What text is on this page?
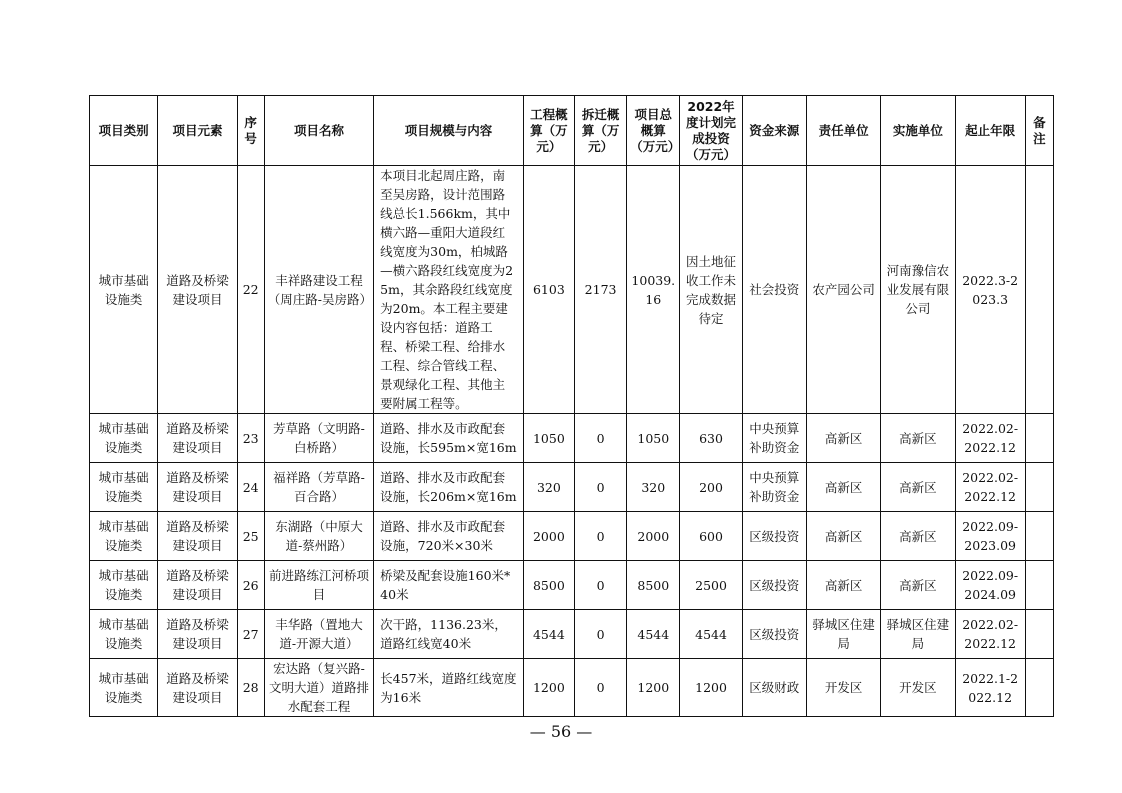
项目类别	项目元素	序号	项目名称	项目规模与内容	工程概算（万元）	拆迁概算（万元）	项目总概算（万元）	2022年度计划完成投资（万元）	资金来源	责任单位	实施单位	起止年限	备注
城市基础设施类	道路及桥梁建设项目	22	丰祥路建设工程（周庄路-吴房路）	本项目北起周庄路，南至吴房路，设计范围路线总长1.566km，其中横六路—重阳大道段红线宽度为30m，柏城路—横六路段红线宽度为25m，其余路段红线宽度为20m。本工程主要建设内容包括：道路工程、桥梁工程、给排水工程、综合管线工程、景观绿化工程、其他主要附属工程等。	6103	2173	10039.16	因土地征收工作未完成数据待定	社会投资	农产园公司	河南豫信农业发展有限公司	2022.3-2023.3	
城市基础设施类	道路及桥梁建设项目	23	芳草路（文明路-白桥路）	道路、排水及市政配套设施，长595m×宽16m	1050	0	1050	630	中央预算补助资金	高新区	高新区	2022.02-2022.12	
城市基础设施类	道路及桥梁建设项目	24	福祥路（芳草路-百合路）	道路、排水及市政配套设施，长206m×宽16m	320	0	320	200	中央预算补助资金	高新区	高新区	2022.02-2022.12	
城市基础设施类	道路及桥梁建设项目	25	东湖路（中原大道-蔡州路）	道路、排水及市政配套设施，720米×30米	2000	0	2000	600	区级投资	高新区	高新区	2022.09-2023.09	
城市基础设施类	道路及桥梁建设项目	26	前进路练江河桥项目	桥梁及配套设施160米*40米	8500	0	8500	2500	区级投资	高新区	高新区	2022.09-2024.09	
城市基础设施类	道路及桥梁建设项目	27	丰华路（置地大道-开源大道）	次干路，1136.23米，道路红线宽40米	4544	0	4544	4544	区级投资	驿城区住建局	驿城区住建局	2022.02-2022.12	
城市基础设施类	道路及桥梁建设项目	28	宏达路（复兴路-文明大道）道路排水配套工程	长457米，道路红线宽度为16米	1200	0	1200	1200	区级财政	开发区	开发区	2022.1-2022.12	
— 56 —
